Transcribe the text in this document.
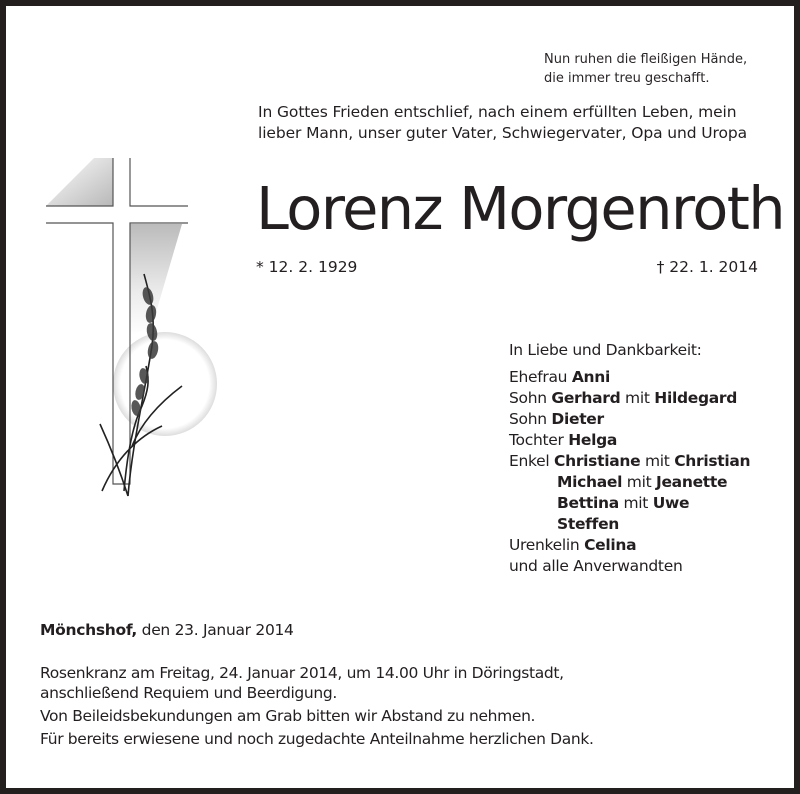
Nun ruhen die fleißigen Hände,
die immer treu geschafft.
In Gottes Frieden entschlief, nach einem erfüllten Leben, mein
lieber Mann, unser guter Vater, Schwiegervater, Opa und Uropa
Lorenz Morgenroth
* 12. 2. 1929	† 22. 1. 2014
In Liebe und Dankbarkeit:
Ehefrau Anni
Sohn Gerhard mit Hildegard
Sohn Dieter
Tochter Helga
Enkel Christiane mit Christian
Michael mit Jeanette
Bettina mit Uwe
Steffen
Urenkelin Celina
und alle Anverwandten
Mönchshof, den 23. Januar 2014
Rosenkranz am Freitag, 24. Januar 2014, um 14.00 Uhr in Döringstadt,
anschließend Requiem und Beerdigung.
Von Beileidsbekundungen am Grab bitten wir Abstand zu nehmen.
Für bereits erwiesene und noch zugedachte Anteilnahme herzlichen Dank.
